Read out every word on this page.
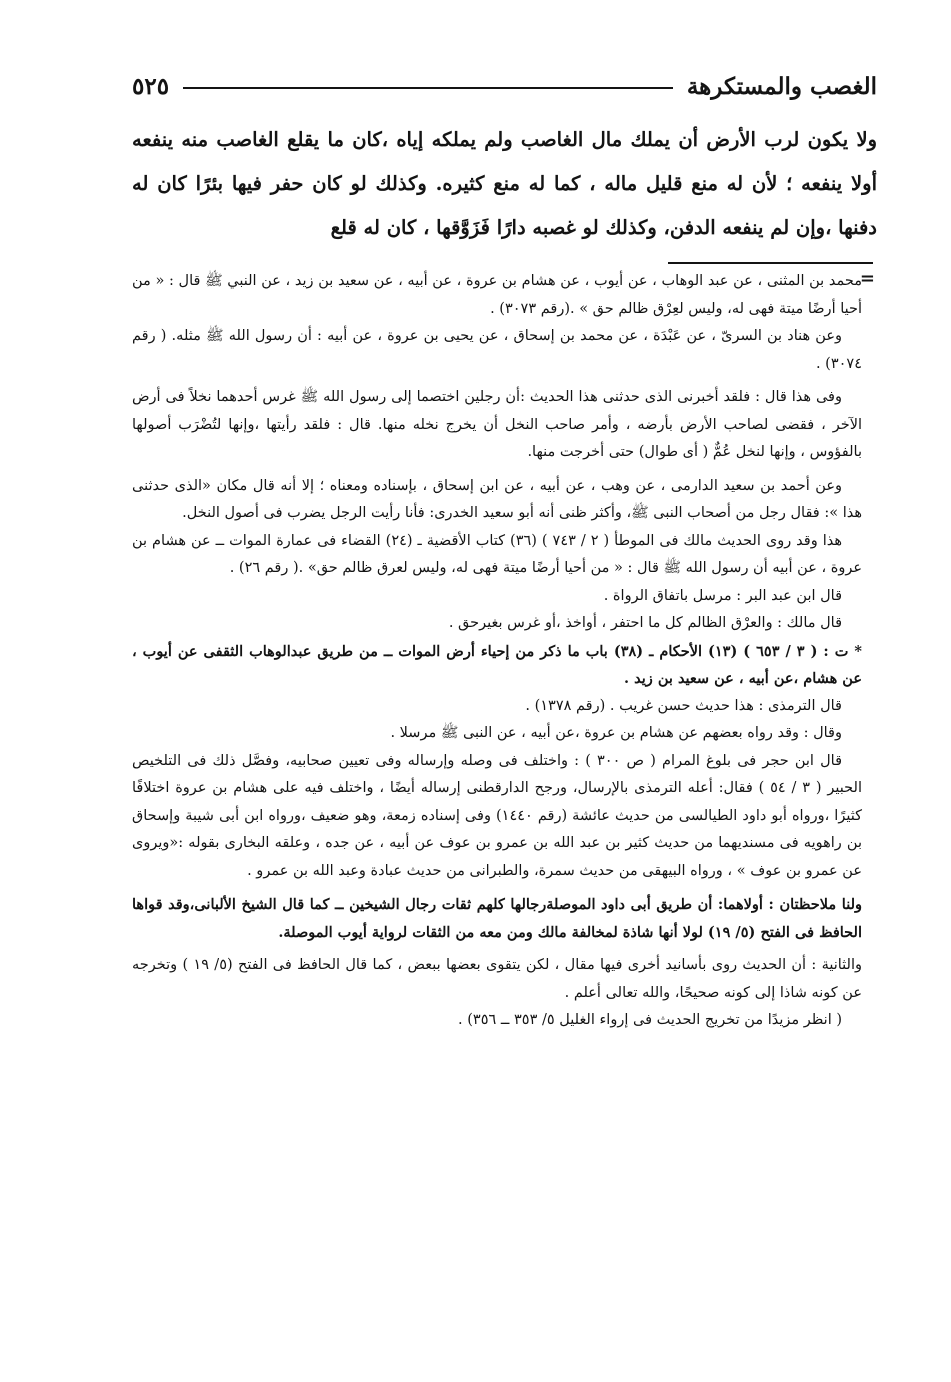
الغصب والمستكرهة
٥٢٥

ولا يكون لرب الأرض أن يملك مال الغاصب ولم يملكه إياه ،كان ما يقلع الغاصب منه ينفعه أولا ينفعه ؛ لأن له منع قليل ماله ، كما له منع كثيره. وكذلك لو كان حفر فيها بئرًا كان له دفنها ،وإن لم ينفعه الدفن، وكذلك لو غصبه دارًا فَزَوَّقها ، كان له قلع

=

محمد بن المثنى ، عن عبد الوهاب ، عن أيوب ، عن هشام بن عروة ، عن أبيه ، عن سعيد بن زيد ، عن النبي ﷺ قال : « من أحيا أرضًا ميتة فهى له، وليس لعِرْق ظالم حق » .(رقم ٣٠٧٣) .

وعن هناد بن السرىّ ، عن عَبْدَة ، عن محمد بن إسحاق ، عن يحيى بن عروة ، عن أبيه : أن رسول الله ﷺ مثله. ( رقم ٣٠٧٤) .

وفى هذا قال : فلقد أخبرنى الذى حدثنى هذا الحديث :أن رجلين اختصما إلى رسول الله ﷺ غرس أحدهما نخلاً فى أرض الآخر ، فقضى لصاحب الأرض بأرضه ، وأمر صاحب النخل أن يخرج نخله منها. قال : فلقد رأيتها ،وإنها لتُضْرَب أصولها بالفؤوس ، وإنها لنخل عُمٌّ ( أى طوال) حتى أخرجت منها.

وعن أحمد بن سعيد الدارمى ، عن وهب ، عن أبيه ، عن ابن إسحاق ، بإسناده ومعناه ؛ إلا أنه قال مكان «الذى حدثنى هذا »: فقال رجل من أصحاب النبى ﷺ، وأكثر ظنى أنه أبو سعيد الخدرى: فأنا رأيت الرجل يضرب فى أصول النخل.

هذا وقد روى الحديث مالك فى الموطأ ( ٢ / ٧٤٣ ) (٣٦) كتاب الأقضية ـ (٢٤) القضاء فى عمارة الموات ــ عن هشام بن عروة ، عن أبيه أن رسول الله ﷺ قال : « من أحيا أرضًا ميتة فهى له، وليس لعرق ظالم حق» .( رقم ٢٦) .

قال ابن عبد البر : مرسل باتفاق الرواة .

قال مالك : والعرْق الظالم كل ما احتفر ، أواخذ ،أو غرس بغيرحق .

* ت : ( ٣ / ٦٥٣ ) (١٣) الأحكام ـ (٣٨) باب ما ذكر من إحياء أرض الموات ــ من طريق عبدالوهاب الثقفى عن أيوب ، عن هشام ،عن أبيه ، عن سعيد بن زيد .

قال الترمذى : هذا حديث حسن غريب . (رقم ١٣٧٨) .

وقال : وقد رواه بعضهم عن هشام بن عروة ،عن أبيه ، عن النبى ﷺ مرسلا .

قال ابن حجر فى بلوغ المرام ( ص ٣٠٠ ) : واختلف فى وصله وإرساله وفى تعيين صحابيه، وفصَّل ذلك فى التلخيص الحبير ( ٣ / ٥٤ ) فقال: أعله الترمذى بالإرسال، ورجح الدارقطنى إرساله أيضًا ، واختلف فيه على هشام بن عروة اختلافًا كثيرًا ،ورواه أبو داود الطيالسى من حديث عائشة (رقم ١٤٤٠) وفى إسناده زمعة، وهو ضعيف ،ورواه ابن أبى شيبة وإسحاق بن راهويه فى مسنديهما من حديث كثير بن عبد الله بن عمرو بن عوف عن أبيه ، عن جده ، وعلقه البخارى بقوله :«ويروى عن عمرو بن عوف » ، ورواه البيهقى من حديث سمرة، والطبرانى من حديث عبادة وعبد الله بن عمرو .

ولنا ملاحظتان : أولاهما: أن طريق أبى داود الموصلةرجالها كلهم ثقات رجال الشيخين ــ كما قال الشيخ الألبانى،وقد قواها الحافظ فى الفتح (٥/ ١٩) لولا أنها شاذة لمخالفة مالك ومن معه من الثقات لرواية أيوب الموصلة.

والثانية : أن الحديث روى بأسانيد أخرى فيها مقال ، لكن يتقوى بعضها ببعض ، كما قال الحافظ فى الفتح (٥/ ١٩ ) وتخرجه عن كونه شاذا إلى كونه صحيحًا، والله تعالى أعلم .

( انظر مزيدًا من تخريج الحديث فى إرواء الغليل ٥/ ٣٥٣ ــ ٣٥٦) .
